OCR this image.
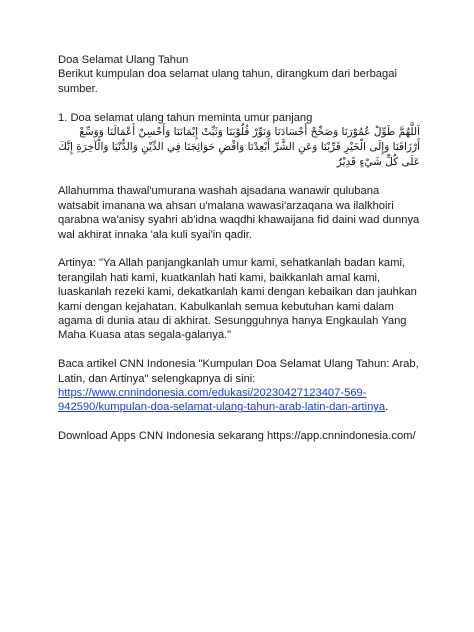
Doa Selamat Ulang Tahun

Berikut kumpulan doa selamat ulang tahun, dirangkum dari berbagai sumber.

1. Doa selamat ulang tahun meminta umur panjang

اَللَّهُمَّ طَوِّلْ عُمُوْرَنَا وَصَحِّحْ أَجْسَادَنَا وَنَوِّرْ قُلُوْبَنَا وَثَبِّتْ إِيْمَانَنَا وَأَحْسِنْ أَعْمَالَنَا وَوَسِّعْ أَرْزَاقَنَا وَإِلَى الْخَيْرِ قَرِّبْنَا وَعَنِ الشَّرِّ أَبْعِدْنَا وَاقْضِ حَوَائِجَنَا فِي الدِّيْنِ وَالدُّنْيَا وَالْآخِرَةِ إِنَّكَ عَلَى كُلِّ شَيْءٍ قَدِيْرٌ

Allahumma thawal'umurana washah ajsadana wanawir qulubana watsabit imanana wa ahsan u'malana wawasi'arzaqana wa ilalkhoiri qarabna wa'anisy syahri ab'idna waqdhi khawaijana fid daini wad dunnya wal akhirat innaka 'ala kuli syai'in qadir.

Artinya: "Ya Allah panjangkanlah umur kami, sehatkanlah badan kami, terangilah hati kami, kuatkanlah hati kami, baikkanlah amal kami, luaskanlah rezeki kami, dekatkanlah kami dengan kebaikan dan jauhkan kami dengan kejahatan. Kabulkanlah semua kebutuhan kami dalam agama di dunia atau di akhirat. Sesungguhnya hanya Engkaulah Yang Maha Kuasa atas segala-galanya."

Baca artikel CNN Indonesia "Kumpulan Doa Selamat Ulang Tahun: Arab, Latin, dan Artinya" selengkapnya di sini: https://www.cnnindonesia.com/edukasi/20230427123407-569-942590/kumpulan-doa-selamat-ulang-tahun-arab-latin-dan-artinya.

Download Apps CNN Indonesia sekarang https://app.cnnindonesia.com/
